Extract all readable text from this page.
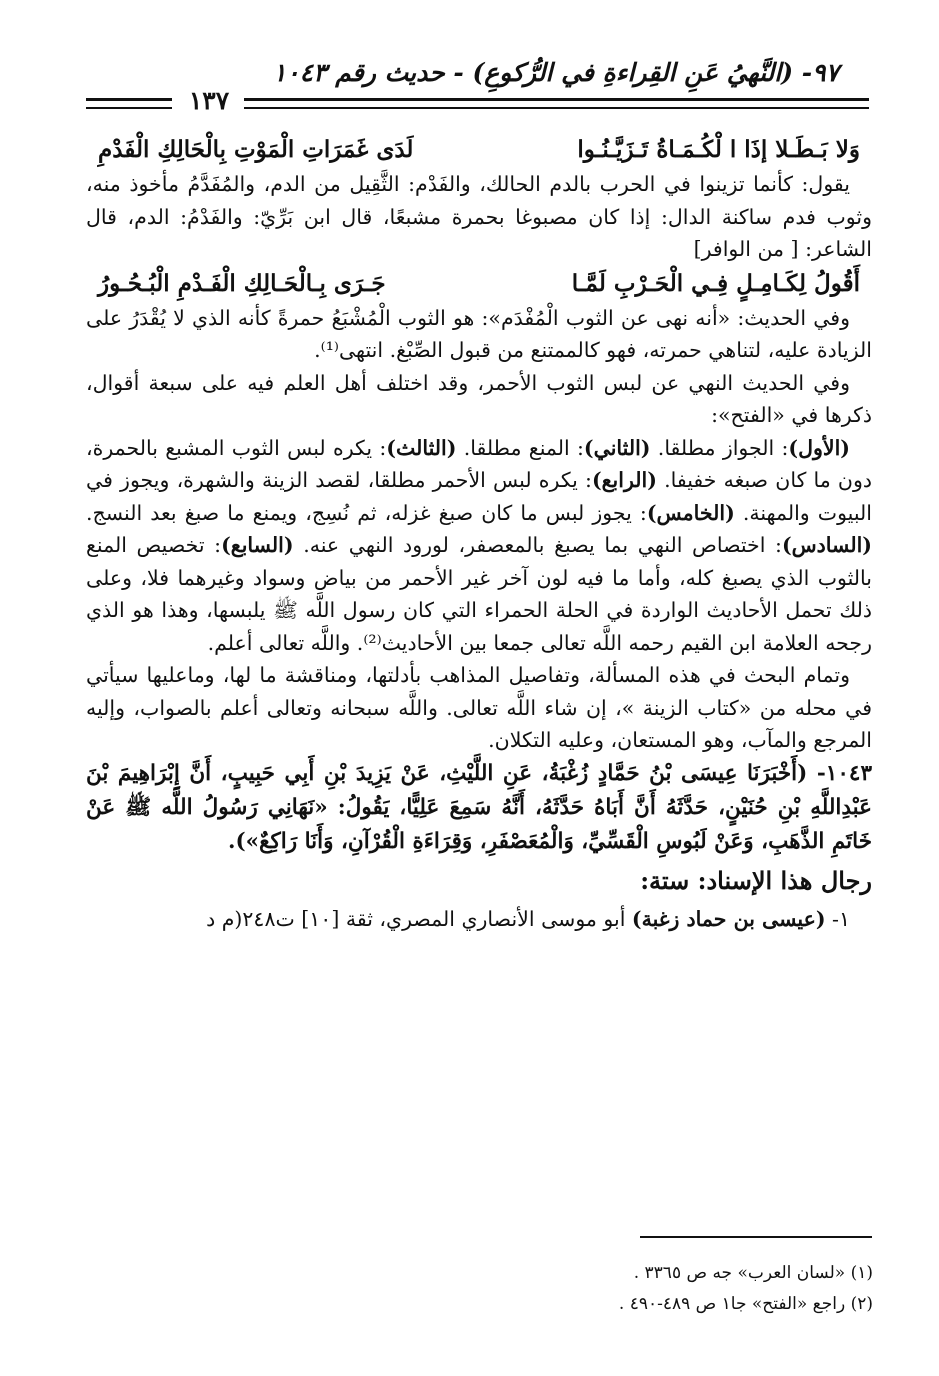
٩٧- (النَّهيُ عَنِ القِراءةِ في الرُّكوعِ) - حديث رقم ١٠٤٣
١٣٧
وَلا بَـطَـلا إذَا ا لْكُـمَـاةُ تَـزَيَّـنُـوا
لَدَى غَمَرَاتِ الْمَوْتِ بِالْحَالِكِ الْفَدْمِ

يقول: كأنما تزينوا في الحرب بالدم الحالك، والفَدْم: الثَّقِيل من الدم، والمُفَدَّمُ مأخوذ منه، وثوب فدم ساكنة الدال: إذا كان مصبوغا بحمرة مشبعًا، قال ابن بَرِّيّ: والفَدْمُ: الدم، قال الشاعر: [ من الوافر]

أَقُولُ لِكَـامِـلٍ فِـي الْحَـرْبِ لَمَّـا
جَـرَى بِـالْحَـالِكِ الْفَـدْمِ الْبُـحُـورُ

وفي الحديث: «أنه نهى عن الثوب الْمُفْدَم»: هو الثوب الْمُشْبَعُ حمرةً كأنه الذي لا يُقْدَرُ على الزيادة عليه، لتناهي حمرته، فهو كالممتنع من قبول الصِّبْغ. انتهى⁽¹⁾.

وفي الحديث النهي عن لبس الثوب الأحمر، وقد اختلف أهل العلم فيه على سبعة أقوال، ذكرها في «الفتح»:

(الأول): الجواز مطلقا. (الثاني): المنع مطلقا. (الثالث): يكره لبس الثوب المشبع بالحمرة، دون ما كان صبغه خفيفا. (الرابع): يكره لبس الأحمر مطلقا، لقصد الزينة والشهرة، ويجوز في البيوت والمهنة. (الخامس): يجوز لبس ما كان صبغ غزله، ثم نُسِج، ويمنع ما صبغ بعد النسج. (السادس): اختصاص النهي بما يصبغ بالمعصفر، لورود النهي عنه. (السابع): تخصيص المنع بالثوب الذي يصبغ كله، وأما ما فيه لون آخر غير الأحمر من بياض وسواد وغيرهما فلا، وعلى ذلك تحمل الأحاديث الواردة في الحلة الحمراء التي كان رسول اللَّه ﷺ يلبسها، وهذا هو الذي رجحه العلامة ابن القيم رحمه اللَّه تعالى جمعا بين الأحاديث⁽²⁾. واللَّه تعالى أعلم.

وتمام البحث في هذه المسألة، وتفاصيل المذاهب بأدلتها، ومناقشة ما لها، وماعليها سيأتي في محله من «كتاب الزينة »، إن شاء اللَّه تعالى. واللَّه سبحانه وتعالى أعلم بالصواب، وإليه المرجع والمآب، وهو المستعان، وعليه التكلان.

١٠٤٣- (أَخْبَرَنَا عِيسَى بْنُ حَمَّادٍ زُغْبَةُ، عَنِ اللَّيْثِ، عَنْ يَزِيدَ بْنِ أَبِي حَبِيبٍ، أَنَّ إِبْرَاهِيمَ بْنَ عَبْدِاللَّهِ بْنِ حُنَيْنٍ، حَدَّثَهُ أَنَّ أَبَاهُ حَدَّثَهُ، أَنَّهُ سَمِعَ عَلِيًّا، يَقُولُ: «نَهَانِي رَسُولُ اللَّه ﷺ عَنْ خَاتَمِ الذَّهَبِ، وَعَنْ لَبُوسِ الْقَسِّيِّ، وَالْمُعَصْفَرِ، وَقِرَاءَةِ الْقُرْآنِ، وَأَنَا رَاكِعٌ»).

رجال هذا الإسناد: ستة:

١- (عيسى بن حماد زغبة) أبو موسى الأنصاري المصري، ثقة [١٠] ت٢٤٨(م د

(١) «لسان العرب» جه ص ٣٣٦٥ .
(٢) راجع «الفتح» جا١ ص ٤٨٩-٤٩٠ .
